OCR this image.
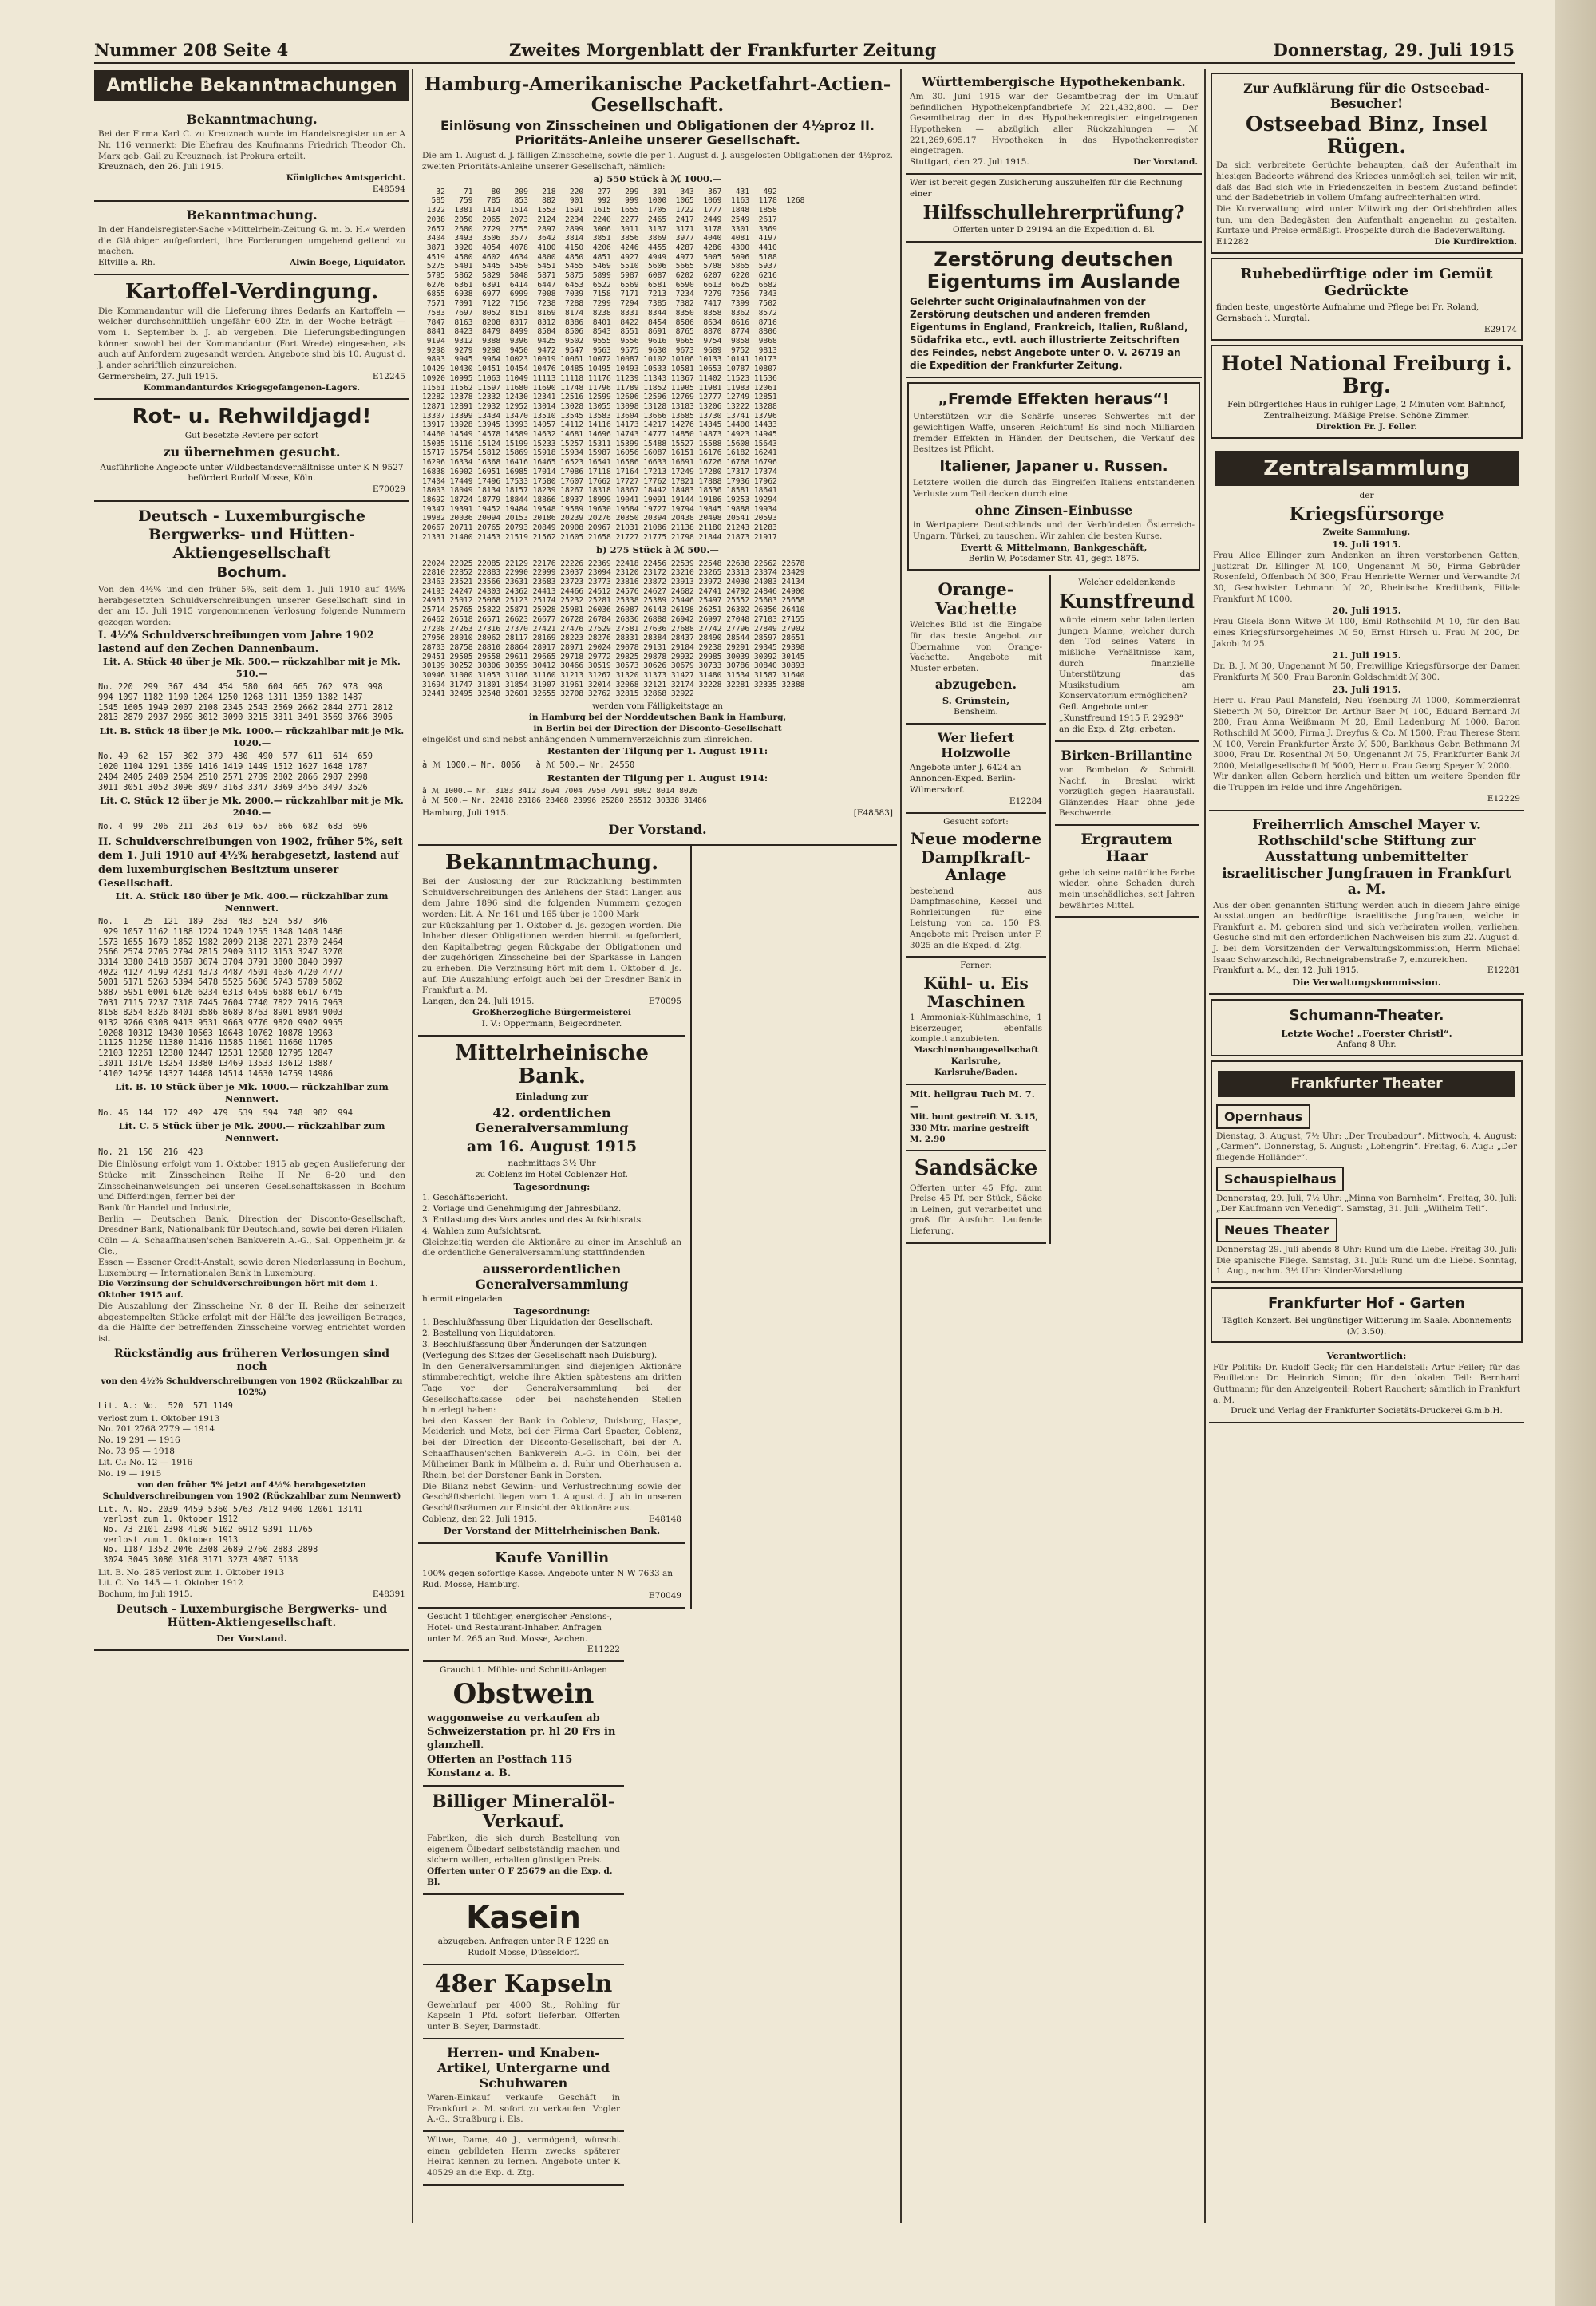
Nummer 208 Seite 4	Zweites Morgenblatt der Frankfurter Zeitung	Donnerstag, 29. Juli 1915
Amtliche Bekanntmachungen
Bekanntmachung.
Bei der Firma Karl C. zu Kreuznach wurde im Handelsregister unter A Nr. 116 vermerkt: Die Ehefrau des Kaufmanns Friedrich Theodor Ch. Marx geb. Gail zu Kreuznach, ist Prokura erteilt.
Kreuznach, den 26. Juli 1915.
Königliches Amtsgericht.
E48594
Bekanntmachung.
In der Handelsregister-Sache »Mittelrhein-Zeitung G. m. b. H.« werden die Gläubiger aufgefordert, ihre Forderungen umgehend geltend zu machen.
Eltville a. Rh.	Alwin Boege, Liquidator.
Kartoffel-Verdingung.
Die Kommandantur will die Lieferung ihres Bedarfs an Kartoffeln — welcher durchschnittlich ungefähr 600 Ztr. in der Woche beträgt — vom 1. September b. J. ab vergeben. Die Lieferungsbedingungen können sowohl bei der Kommandantur (Fort Wrede) eingesehen, als auch auf Anfordern zugesandt werden. Angebote sind bis 10. August d. J. ander schriftlich einzureichen.
Germersheim, 27. Juli 1915.	E12245
Kommandanturdes Kriegsgefangenen-Lagers.
Rot- u. Rehwildjagd!
Gut besetzte Reviere per sofort
zu übernehmen gesucht.
Ausführliche Angebote unter Wildbestandsverhältnisse unter K N 9527 befördert Rudolf Mosse, Köln.
E70029
Deutsch - Luxemburgische Bergwerks- und Hütten-Aktiengesellschaft
Bochum.
Von den 4½% und den früher 5%, seit dem 1. Juli 1910 auf 4½% herabgesetzten Schuldverschreibungen unserer Gesellschaft sind in der am 15. Juli 1915 vorgenommenen Verlosung folgende Nummern gezogen worden:
I. 4½% Schuldverschreibungen vom Jahre 1902 lastend auf den Zechen Dannenbaum.
Lit. A. Stück 48 über je Mk. 500.— rückzahlbar mit je Mk. 510.—
No. 220  299  367  434  454  580  604  665  762  978  998
994 1097 1182 1190 1204 1250 1268 1311 1359 1382 1487
1545 1605 1949 2007 2108 2345 2543 2569 2662 2844 2771 2812
2813 2879 2937 2969 3012 3090 3215 3311 3491 3569 3766 3905
Lit. B. Stück 48 über je Mk. 1000.— rückzahlbar mit je Mk. 1020.—
No. 49  62  157  302  379  480  490  577  611  614  659
1020 1104 1291 1369 1416 1419 1449 1512 1627 1648 1787
2404 2405 2489 2504 2510 2571 2789 2802 2866 2987 2998
3011 3051 3052 3096 3097 3163 3347 3369 3456 3497 3526
Lit. C. Stück 12 über je Mk. 2000.— rückzahlbar mit je Mk. 2040.—
No. 4  99  206  211  263  619  657  666  682  683  696
II. Schuldverschreibungen von 1902, früher 5%, seit dem 1. Juli 1910 auf 4½% herabgesetzt, lastend auf dem luxemburgischen Besitztum unserer Gesellschaft.
Lit. A. Stück 180 über je Mk. 400.— rückzahlbar zum Nennwert.
No.  1   25  121  189  263  483  524  587  846
929 1057 1162 1188 1224 1240 1255 1348 1408 1486
1573 1655 1679 1852 1982 2099 2138 2271 2370 2464
2566 2574 2705 2794 2815 2909 3112 3153 3247 3270
3314 3380 3418 3587 3674 3704 3791 3800 3840 3997
4022 4127 4199 4231 4373 4487 4501 4636 4720 4777
5001 5171 5263 5394 5478 5525 5686 5743 5789 5862
5887 5951 6001 6126 6234 6313 6459 6588 6617 6745
7031 7115 7237 7318 7445 7604 7740 7822 7916 7963
8158 8254 8326 8401 8586 8689 8763 8901 8984 9003
9132 9266 9308 9413 9531 9663 9776 9820 9902 9955
10208 10312 10430 10563 10648 10762 10878 10963
11125 11250 11380 11416 11585 11601 11660 11705
12103 12261 12380 12447 12531 12688 12795 12847
13011 13176 13254 13380 13469 13533 13612 13887
14102 14256 14327 14468 14514 14630 14759 14986
Lit. B. 10 Stück über je Mk. 1000.— rückzahlbar zum Nennwert.
No. 46  144  172  492  479  539  594  748  982  994
Lit. C. 5 Stück über je Mk. 2000.— rückzahlbar zum Nennwert.
No. 21  150  216  423
Die Einlösung erfolgt vom 1. Oktober 1915 ab gegen Auslieferung der Stücke mit Zinsscheinen Reihe II Nr. 6–20 und den Zinsscheinanweisungen bei unseren Gesellschaftskassen in Bochum und Differdingen, ferner bei der
Bank für Handel und Industrie,
Berlin — Deutschen Bank, Direction der Disconto-Gesellschaft, Dresdner Bank, Nationalbank für Deutschland, sowie bei deren Filialen
Cöln — A. Schaaffhausen'schen Bankverein A.-G., Sal. Oppenheim jr. & Cie.,
Essen — Essener Credit-Anstalt, sowie deren Niederlassung in Bochum,
Luxemburg — Internationalen Bank in Luxemburg.
Die Verzinsung der Schuldverschreibungen hört mit dem 1. Oktober 1915 auf.
Die Auszahlung der Zinsscheine Nr. 8 der II. Reihe der seinerzeit abgestempelten Stücke erfolgt mit der Hälfte des jeweiligen Betrages, da die Hälfte der betreffenden Zinsscheine vorweg entrichtet worden ist.
Rückständig aus früheren Verlosungen sind noch
von den 4½% Schuldverschreibungen von 1902 (Rückzahlbar zu 102%)
Lit. A.: No.  520  571 1149
verlost zum 1. Oktober 1913
No. 701 2768 2779 — 1914
No. 19 291 — 1916
No. 73 95 — 1918
Lit. C.: No. 12 — 1916
No. 19 — 1915
von den früher 5% jetzt auf 4½% herabgesetzten Schuldverschreibungen von 1902 (Rückzahlbar zum Nennwert)
Lit. A. No. 2039 4459 5360 5763 7812 9400 12061 13141
verlost zum 1. Oktober 1912
No. 73 2101 2398 4180 5102 6912 9391 11765
verlost zum 1. Oktober 1913
No. 1187 1352 2046 2308 2689 2760 2883 2898
3024 3045 3080 3168 3171 3273 4087 5138
Lit. B. No. 285 verlost zum 1. Oktober 1913
Lit. C. No. 145 — 1. Oktober 1912
Bochum, im Juli 1915.	E48391
Deutsch - Luxemburgische Bergwerks- und Hütten-Aktiengesellschaft.
Der Vorstand.
Hamburg-Amerikanische Packetfahrt-Actien-Gesellschaft.
Einlösung von Zinsscheinen und Obligationen der 4½proz II. Prioritäts-Anleihe unserer Gesellschaft.
Die am 1. August d. J. fälligen Zinsscheine, sowie die per 1. August d. J. ausgelosten Obligationen der 4½proz. zweiten Prioritäts-Anleihe unserer Gesellschaft, nämlich:
a) 550 Stück à ℳ 1000.—
32    71    80   209   218   220   277   299   301   343   367   431   492
585   759   785   853   882   901   992   999  1000  1065  1069  1163  1178  1268
1322  1381  1414  1514  1553  1591  1615  1655  1705  1722  1777  1848  1858
2038  2050  2065  2073  2124  2234  2240  2277  2465  2417  2449  2549  2617
2657  2680  2729  2755  2897  2899  3006  3011  3137  3171  3178  3301  3369
3404  3493  3506  3577  3642  3814  3851  3856  3869  3977  4040  4081  4197
3871  3920  4054  4078  4100  4150  4206  4246  4455  4287  4286  4300  4410
4519  4580  4602  4634  4800  4850  4851  4927  4949  4977  5005  5096  5188
5275  5401  5445  5450  5451  5455  5469  5510  5606  5665  5708  5865  5937
5795  5862  5829  5848  5871  5875  5899  5987  6087  6202  6207  6220  6216
6276  6361  6391  6414  6447  6453  6522  6569  6581  6590  6613  6625  6682
6855  6938  6977  6999  7008  7039  7158  7171  7213  7234  7279  7256  7343
7571  7091  7122  7156  7238  7288  7299  7294  7385  7382  7417  7399  7502
7583  7697  8052  8151  8169  8174  8238  8331  8344  8350  8358  8362  8572
7847  8163  8208  8317  8312  8386  8401  8422  8454  8586  8634  8616  8716
8841  8423  8479  8499  8504  8506  8543  8551  8691  8765  8870  8774  8806
9194  9312  9388  9396  9425  9502  9555  9556  9616  9665  9754  9858  9868
9298  9279  9298  9450  9472  9547  9563  9575  9630  9673  9689  9752  9813
9893  9945  9964 10023 10019 10061 10072 10087 10102 10106 10133 10141 10173
10429 10430 10451 10454 10476 10485 10495 10493 10533 10581 10653 10787 10807
10920 10995 11063 11049 11113 11118 11176 11239 11343 11367 11402 11523 11536
11561 11562 11597 11680 11690 11748 11796 11789 11852 11905 11981 11983 12061
12282 12378 12332 12430 12341 12516 12599 12606 12596 12769 12777 12749 12851
12871 12891 12932 12952 13014 13028 13055 13098 13128 13183 13206 13222 13288
13307 13399 13434 13470 13510 13545 13583 13604 13666 13685 13730 13741 13796
13917 13928 13945 13993 14057 14112 14116 14173 14217 14276 14345 14400 14433
14460 14549 14578 14589 14632 14681 14696 14743 14777 14850 14873 14923 14945
15035 15116 15124 15199 15233 15257 15311 15399 15488 15527 15588 15608 15643
15717 15754 15812 15869 15918 15934 15987 16056 16087 16151 16176 16182 16241
16296 16334 16368 16416 16465 16523 16541 16586 16633 16691 16726 16768 16796
16838 16902 16951 16985 17014 17086 17118 17164 17213 17249 17280 17317 17374
17404 17449 17496 17533 17580 17607 17662 17727 17762 17821 17888 17936 17962
18003 18049 18134 18157 18239 18267 18318 18367 18442 18483 18536 18581 18641
18692 18724 18779 18844 18866 18937 18999 19041 19091 19144 19186 19253 19294
19347 19391 19452 19484 19548 19589 19630 19684 19727 19794 19845 19888 19934
19982 20036 20094 20153 20186 20239 20276 20350 20394 20438 20498 20541 20593
20667 20711 20765 20793 20849 20908 20967 21031 21086 21138 21180 21243 21283
21331 21400 21453 21519 21562 21605 21658 21727 21775 21798 21844 21873 21917
b) 275 Stück à ℳ 500.—
22024 22025 22085 22129 22176 22226 22369 22418 22456 22539 22548 22638 22662 22678
22810 22852 22883 22990 22999 23037 23094 23120 23172 23210 23265 23313 23374 23429
23463 23521 23566 23631 23683 23723 23773 23816 23872 23913 23972 24030 24083 24134
24193 24247 24303 24362 24413 24466 24512 24576 24627 24682 24741 24792 24846 24900
24961 25012 25068 25123 25174 25232 25281 25338 25389 25446 25497 25552 25603 25658
25714 25765 25822 25871 25928 25981 26036 26087 26143 26198 26251 26302 26356 26410
26462 26518 26571 26623 26677 26728 26784 26836 26888 26942 26997 27048 27103 27155
27208 27263 27316 27370 27421 27476 27529 27581 27636 27688 27742 27796 27849 27902
27956 28010 28062 28117 28169 28223 28276 28331 28384 28437 28490 28544 28597 28651
28703 28758 28810 28864 28917 28971 29024 29078 29131 29184 29238 29291 29345 29398
29451 29505 29558 29611 29665 29718 29772 29825 29878 29932 29985 30039 30092 30145
30199 30252 30306 30359 30412 30466 30519 30573 30626 30679 30733 30786 30840 30893
30946 31000 31053 31106 31160 31213 31267 31320 31373 31427 31480 31534 31587 31640
31694 31747 31801 31854 31907 31961 32014 32068 32121 32174 32228 32281 32335 32388
32441 32495 32548 32601 32655 32708 32762 32815 32868 32922
werden vom Fälligkeitstage an
in Hamburg bei der Norddeutschen Bank in Hamburg,
in Berlin bei der Direction der Disconto-Gesellschaft
eingelöst und sind nebst anhängenden Nummernverzeichnis zum Einreichen.
Restanten der Tilgung per 1. August 1911:
à ℳ 1000.— Nr. 8066   à ℳ 500.— Nr. 24550
Restanten der Tilgung per 1. August 1914:
à ℳ 1000.— Nr. 3183 3412 3694 7004 7950 7991 8002 8014 8026
à ℳ 500.— Nr. 22418 23186 23468 23996 25280 26512 30338 31486
Hamburg, Juli 1915.	[E48583]
Der Vorstand.
Bekanntmachung.
Bei der Auslosung der zur Rückzahlung bestimmten Schuldverschreibungen des Anlehens der Stadt Langen aus dem Jahre 1896 sind die folgenden Nummern gezogen worden: Lit. A. Nr. 161 und 165 über je 1000 Mark
zur Rückzahlung per 1. Oktober d. Js. gezogen worden. Die Inhaber dieser Obligationen werden hiermit aufgefordert, den Kapitalbetrag gegen Rückgabe der Obligationen und der zugehörigen Zinsscheine bei der Sparkasse in Langen zu erheben. Die Verzinsung hört mit dem 1. Oktober d. Js. auf. Die Auszahlung erfolgt auch bei der Dresdner Bank in Frankfurt a. M.
Langen, den 24. Juli 1915.	E70095
Großherzogliche Bürgermeisterei
I. V.: Oppermann, Beigeordneter.
Mittelrheinische Bank.
Einladung zur
42. ordentlichen Generalversammlung
am 16. August 1915
nachmittags 3½ Uhr
zu Coblenz im Hotel Coblenzer Hof.
Tagesordnung:
1. Geschäftsbericht.
2. Vorlage und Genehmigung der Jahresbilanz.
3. Entlastung des Vorstandes und des Aufsichtsrats.
4. Wahlen zum Aufsichtsrat.
Gleichzeitig werden die Aktionäre zu einer im Anschluß an die ordentliche Generalversammlung stattfindenden
ausserordentlichen Generalversammlung
hiermit eingeladen.
Tagesordnung:
1. Beschlußfassung über Liquidation der Gesellschaft.
2. Bestellung von Liquidatoren.
3. Beschlußfassung über Änderungen der Satzungen (Verlegung des Sitzes der Gesellschaft nach Duisburg).
In den Generalversammlungen sind diejenigen Aktionäre stimmberechtigt, welche ihre Aktien spätestens am dritten Tage vor der Generalversammlung bei der Gesellschaftskasse oder bei nachstehenden Stellen hinterlegt haben:
bei den Kassen der Bank in Coblenz, Duisburg, Haspe, Meiderich und Metz, bei der Firma Carl Spaeter, Coblenz, bei der Direction der Disconto-Gesellschaft, bei der A. Schaaffhausen'schen Bankverein A.-G. in Cöln, bei der Mülheimer Bank in Mülheim a. d. Ruhr und Oberhausen a. Rhein, bei der Dorstener Bank in Dorsten.
Die Bilanz nebst Gewinn- und Verlustrechnung sowie der Geschäftsbericht liegen vom 1. August d. J. ab in unseren Geschäftsräumen zur Einsicht der Aktionäre aus.
Coblenz, den 22. Juli 1915.	E48148
Der Vorstand der Mittelrheinischen Bank.
Kaufe Vanillin
100% gegen sofortige Kasse. Angebote unter N W 7633 an Rud. Mosse, Hamburg.
E70049
Gesucht 1 tüchtiger, energischer Pensions-, Hotel- und Restaurant-Inhaber. Anfragen unter M. 265 an Rud. Mosse, Aachen.
E11222
Graucht 1. Mühle- und Schnitt-Anlagen
Obstwein
waggonweise zu verkaufen ab Schweizerstation pr. hl 20 Frs in glanzhell.
Offerten an Postfach 115 Konstanz a. B.
Billiger Mineralöl-Verkauf.
Fabriken, die sich durch Bestellung von eigenem Ölbedarf selbstständig machen und sichern wollen, erhalten günstigen Preis.
Offerten unter O F 25679 an die Exp. d. Bl.
Kasein
abzugeben. Anfragen unter R F 1229 an Rudolf Mosse, Düsseldorf.
48er Kapseln
Gewehrlauf per 4000 St., Rohling für Kapseln 1 Pfd. sofort lieferbar. Offerten unter B. Seyer, Darmstadt.
Herren- und Knaben-Artikel, Untergarne und Schuhwaren
Waren-Einkauf verkaufe Geschäft in Frankfurt a. M. sofort zu verkaufen. Vogler A.-G., Straßburg i. Els.
Witwe, Dame, 40 J., vermögend, wünscht einen gebildeten Herrn zwecks späterer Heirat kennen zu lernen. Angebote unter K 40529 an die Exp. d. Ztg.
Württembergische Hypothekenbank.
Am 30. Juni 1915 war der Gesamtbetrag der im Umlauf befindlichen Hypothekenpfandbriefe ℳ 221,432,800. — Der Gesamtbetrag der in das Hypothekenregister eingetragenen Hypotheken — abzüglich aller Rückzahlungen — ℳ 221,269,695.17 Hypotheken in das Hypothekenregister eingetragen.
Stuttgart, den 27. Juli 1915.	Der Vorstand.
Wer ist bereit gegen Zusicherung auszuhelfen für die Rechnung einer
Hilfsschullehrerprüfung?
Offerten unter D 29194 an die Expedition d. Bl.
Zerstörung deutschen Eigentums im Auslande
Gelehrter sucht Originalaufnahmen von der Zerstörung deutschen und anderen fremden Eigentums in England, Frankreich, Italien, Rußland, Südafrika etc., evtl. auch illustrierte Zeitschriften des Feindes, nebst Angebote unter O. V. 26719 an die Expedition der Frankfurter Zeitung.
„Fremde Effekten heraus“!
Unterstützen wir die Schärfe unseres Schwertes mit der gewichtigen Waffe, unseren Reichtum! Es sind noch Milliarden fremder Effekten in Händen der Deutschen, die Verkauf des Besitzes ist Pflicht.
Italiener, Japaner u. Russen.
Letztere wollen die durch das Eingreifen Italiens entstandenen Verluste zum Teil decken durch eine
ohne Zinsen-Einbusse
in Wertpapiere Deutschlands und der Verbündeten Österreich-Ungarn, Türkei, zu tauschen. Wir zahlen die besten Kurse.
Evertt & Mittelmann, Bankgeschäft,
Berlin W, Potsdamer Str. 41, gegr. 1875.
Orange-Vachette
Welches Bild ist die Eingabe für das beste Angebot zur Übernahme von Orange-Vachette. Angebote mit Muster erbeten.
abzugeben.
S. Grünstein,
Bensheim.
Wer liefert Holzwolle
Angebote unter J. 6424 an Annoncen-Exped. Berlin-Wilmersdorf.
E12284
Gesucht sofort:
Neue moderne Dampfkraft-Anlage
bestehend aus Dampfmaschine, Kessel und Rohrleitungen für eine Leistung von ca. 150 PS. Angebote mit Preisen unter F. 3025 an die Exped. d. Ztg.
Ferner:
Kühl- u. Eis Maschinen
1 Ammoniak-Kühlmaschine, 1 Eiserzeuger, ebenfalls komplett anzubieten.
Maschinenbaugesellschaft Karlsruhe, Karlsruhe/Baden.
Mit. hellgrau Tuch M. 7.—
Mit. bunt gestreift M. 3.15, 330 Mtr. marine gestreift M. 2.90
Sandsäcke
Offerten unter 45 Pfg. zum Preise 45 Pf. per Stück, Säcke in Leinen, gut verarbeitet und groß für Ausfuhr. Laufende Lieferung.
Welcher edeldenkende
Kunstfreund
würde einem sehr talentierten jungen Manne, welcher durch den Tod seines Vaters in mißliche Verhältnisse kam, durch finanzielle Unterstützung das Musikstudium am Konservatorium ermöglichen?
Gefl. Angebote unter „Kunstfreund 1915 F. 29298“ an die Exp. d. Ztg. erbeten.
Birken-Brillantine
von Bombelon & Schmidt Nachf. in Breslau wirkt vorzüglich gegen Haarausfall. Glänzendes Haar ohne jede Beschwerde.
Ergrautem Haar
gebe ich seine natürliche Farbe wieder, ohne Schaden durch mein unschädliches, seit Jahren bewährtes Mittel.
Zur Aufklärung für die Ostseebad-Besucher!
Ostseebad Binz, Insel Rügen.
Da sich verbreitete Gerüchte behaupten, daß der Aufenthalt im hiesigen Badeorte während des Krieges unmöglich sei, teilen wir mit, daß das Bad sich wie in Friedenszeiten in bestem Zustand befindet und der Badebetrieb in vollem Umfang aufrechterhalten wird.
Die Kurverwaltung wird unter Mitwirkung der Ortsbehörden alles tun, um den Badegästen den Aufenthalt angenehm zu gestalten. Kurtaxe und Preise ermäßigt. Prospekte durch die Badeverwaltung.
E12282	Die Kurdirektion.
Ruhebedürftige oder im Gemüt Gedrückte
finden beste, ungestörte Aufnahme und Pflege bei Fr. Roland, Gernsbach i. Murgtal.
E29174
Hotel National Freiburg i. Brg.
Fein bürgerliches Haus in ruhiger Lage, 2 Minuten vom Bahnhof, Zentralheizung. Mäßige Preise. Schöne Zimmer.
Direktion Fr. J. Feller.
Zentralsammlung
der
Kriegsfürsorge
Zweite Sammlung.
19. Juli 1915.
Frau Alice Ellinger zum Andenken an ihren verstorbenen Gatten, Justizrat Dr. Ellinger ℳ 100, Ungenannt ℳ 50, Firma Gebrüder Rosenfeld, Offenbach ℳ 300, Frau Henriette Werner und Verwandte ℳ 30, Geschwister Lehmann ℳ 20, Rheinische Kreditbank, Filiale Frankfurt ℳ 1000.
20. Juli 1915.
Frau Gisela Bonn Witwe ℳ 100, Emil Rothschild ℳ 10, für den Bau eines Kriegsfürsorgeheimes ℳ 50, Ernst Hirsch u. Frau ℳ 200, Dr. Jakobi ℳ 25.
21. Juli 1915.
Dr. B. J. ℳ 30, Ungenannt ℳ 50, Freiwillige Kriegsfürsorge der Damen Frankfurts ℳ 500, Frau Baronin Goldschmidt ℳ 300.
23. Juli 1915.
Herr u. Frau Paul Mansfeld, Neu Ysenburg ℳ 1000, Kommerzienrat Sieberth ℳ 50, Direktor Dr. Arthur Baer ℳ 100, Eduard Bernard ℳ 200, Frau Anna Weißmann ℳ 20, Emil Ladenburg ℳ 1000, Baron Rothschild ℳ 5000, Firma J. Dreyfus & Co. ℳ 1500, Frau Therese Stern ℳ 100, Verein Frankfurter Ärzte ℳ 500, Bankhaus Gebr. Bethmann ℳ 3000, Frau Dr. Rosenthal ℳ 50, Ungenannt ℳ 75, Frankfurter Bank ℳ 2000, Metallgesellschaft ℳ 5000, Herr u. Frau Georg Speyer ℳ 2000.
Wir danken allen Gebern herzlich und bitten um weitere Spenden für die Truppen im Felde und ihre Angehörigen.
E12229
Freiherrlich Amschel Mayer v. Rothschild'sche Stiftung zur Ausstattung unbemittelter israelitischer Jungfrauen in Frankfurt a. M.
Aus der oben genannten Stiftung werden auch in diesem Jahre einige Ausstattungen an bedürftige israelitische Jungfrauen, welche in Frankfurt a. M. geboren sind und sich verheiraten wollen, verliehen. Gesuche sind mit den erforderlichen Nachweisen bis zum 22. August d. J. bei dem Vorsitzenden der Verwaltungskommission, Herrn Michael Isaac Schwarzschild, Rechneigrabenstraße 7, einzureichen.
Frankfurt a. M., den 12. Juli 1915.	E12281
Die Verwaltungskommission.
Schumann-Theater.
Letzte Woche! „Foerster Christl“.
Anfang 8 Uhr.
Frankfurter Theater
Opernhaus
Dienstag, 3. August, 7½ Uhr: „Der Troubadour“. Mittwoch, 4. August: „Carmen“. Donnerstag, 5. August: „Lohengrin“. Freitag, 6. Aug.: „Der fliegende Holländer“.
Schauspielhaus
Donnerstag, 29. Juli, 7½ Uhr: „Minna von Barnhelm“. Freitag, 30. Juli: „Der Kaufmann von Venedig“. Samstag, 31. Juli: „Wilhelm Tell“.
Neues Theater
Donnerstag 29. Juli abends 8 Uhr: Rund um die Liebe. Freitag 30. Juli: Die spanische Fliege. Samstag, 31. Juli: Rund um die Liebe. Sonntag, 1. Aug., nachm. 3½ Uhr: Kinder-Vorstellung.
Frankfurter Hof - Garten
Täglich Konzert. Bei ungünstiger Witterung im Saale. Abonnements (ℳ 3.50).
Verantwortlich:
Für Politik: Dr. Rudolf Geck; für den Handelsteil: Artur Feiler; für das Feuilleton: Dr. Heinrich Simon; für den lokalen Teil: Bernhard Guttmann; für den Anzeigenteil: Robert Rauchert; sämtlich in Frankfurt a. M.
Druck und Verlag der Frankfurter Societäts-Druckerei G.m.b.H.
